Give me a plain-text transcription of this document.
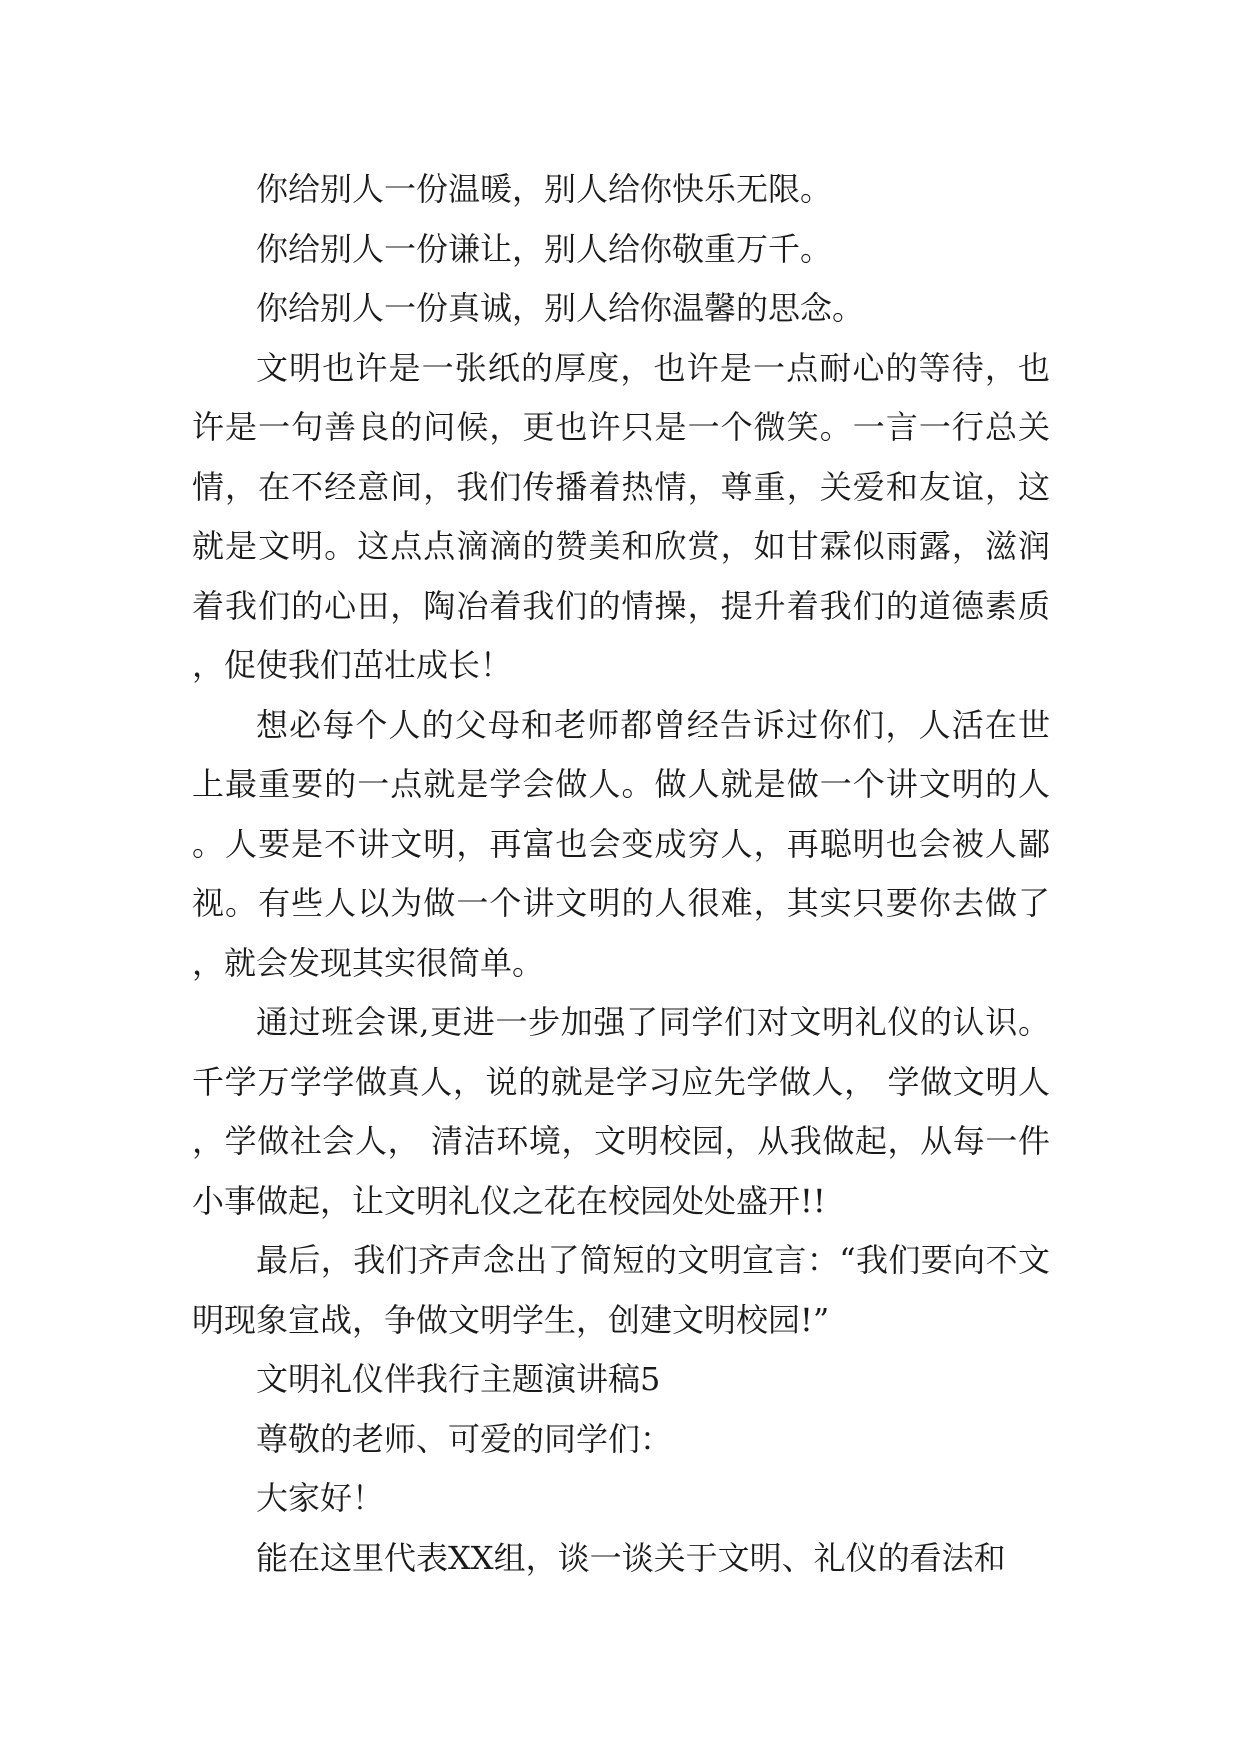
你给别人一份温暖，别人给你快乐无限。

你给别人一份谦让，别人给你敬重万千。

你给别人一份真诚，别人给你温馨的思念。

文明也许是一张纸的厚度，也许是一点耐心的等待，也许是一句善良的问候，更也许只是一个微笑。一言一行总关情，在不经意间，我们传播着热情，尊重，关爱和友谊，这就是文明。这点点滴滴的赞美和欣赏，如甘霖似雨露，滋润着我们的心田，陶冶着我们的情操，提升着我们的道德素质，促使我们茁壮成长！

想必每个人的父母和老师都曾经告诉过你们，人活在世上最重要的一点就是学会做人。做人就是做一个讲文明的人。人要是不讲文明，再富也会变成穷人，再聪明也会被人鄙视。有些人以为做一个讲文明的人很难，其实只要你去做了，就会发现其实很简单。

通过班会课,更进一步加强了同学们对文明礼仪的认识。千学万学学做真人，说的就是学习应先学做人， 学做文明人，学做社会人， 清洁环境，文明校园，从我做起，从每一件小事做起，让文明礼仪之花在校园处处盛开!!

最后，我们齐声念出了简短的文明宣言：“我们要向不文明现象宣战，争做文明学生，创建文明校园!”

文明礼仪伴我行主题演讲稿5

尊敬的老师、可爱的同学们：

大家好！

能在这里代表XX组，谈一谈关于文明、礼仪的看法和
